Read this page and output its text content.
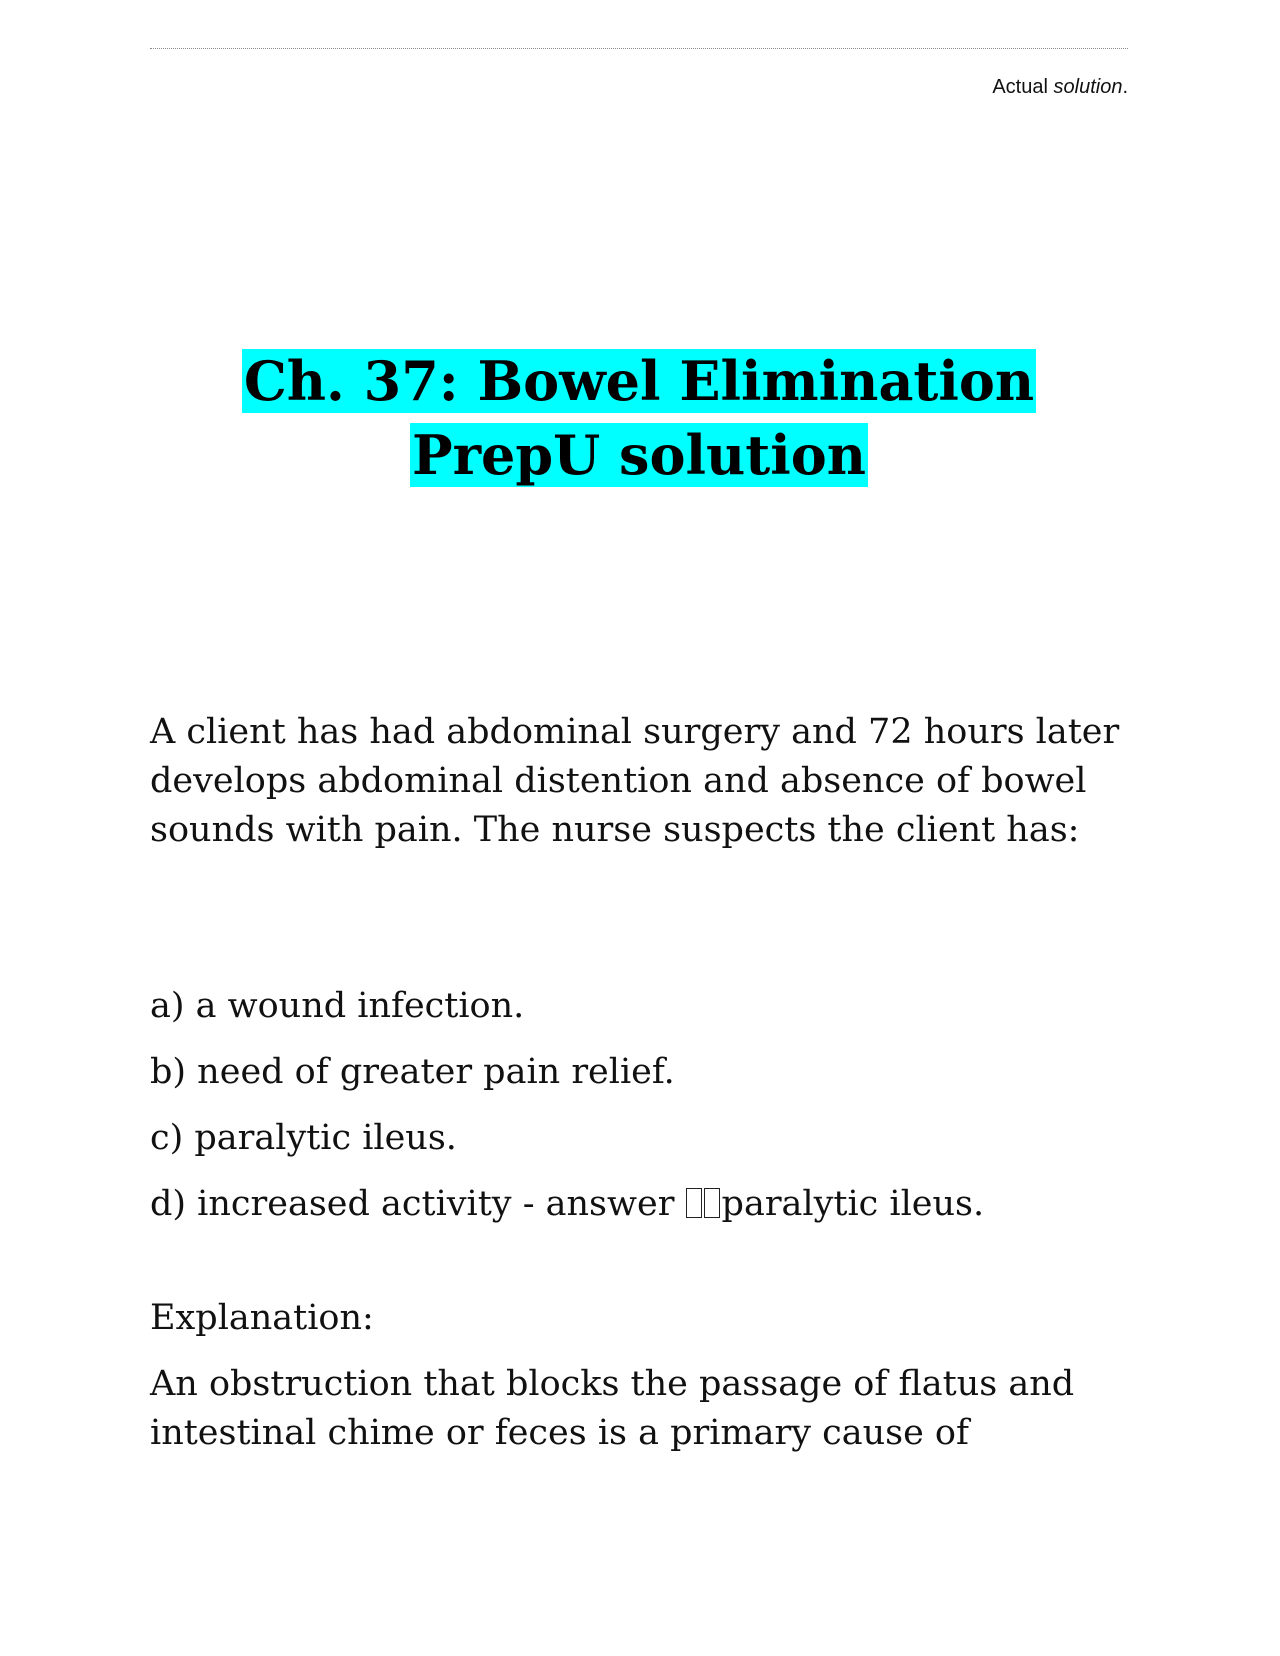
Actual solution.
Ch. 37: Bowel Elimination
PrepU solution
A client has had abdominal surgery and 72 hours later develops abdominal distention and absence of bowel sounds with pain. The nurse suspects the client has:
a) a wound infection.
b) need of greater pain relief.
c) paralytic ileus.
d) increased activity - answer paralytic ileus.
Explanation:
An obstruction that blocks the passage of flatus and intestinal chime or feces is a primary cause of
